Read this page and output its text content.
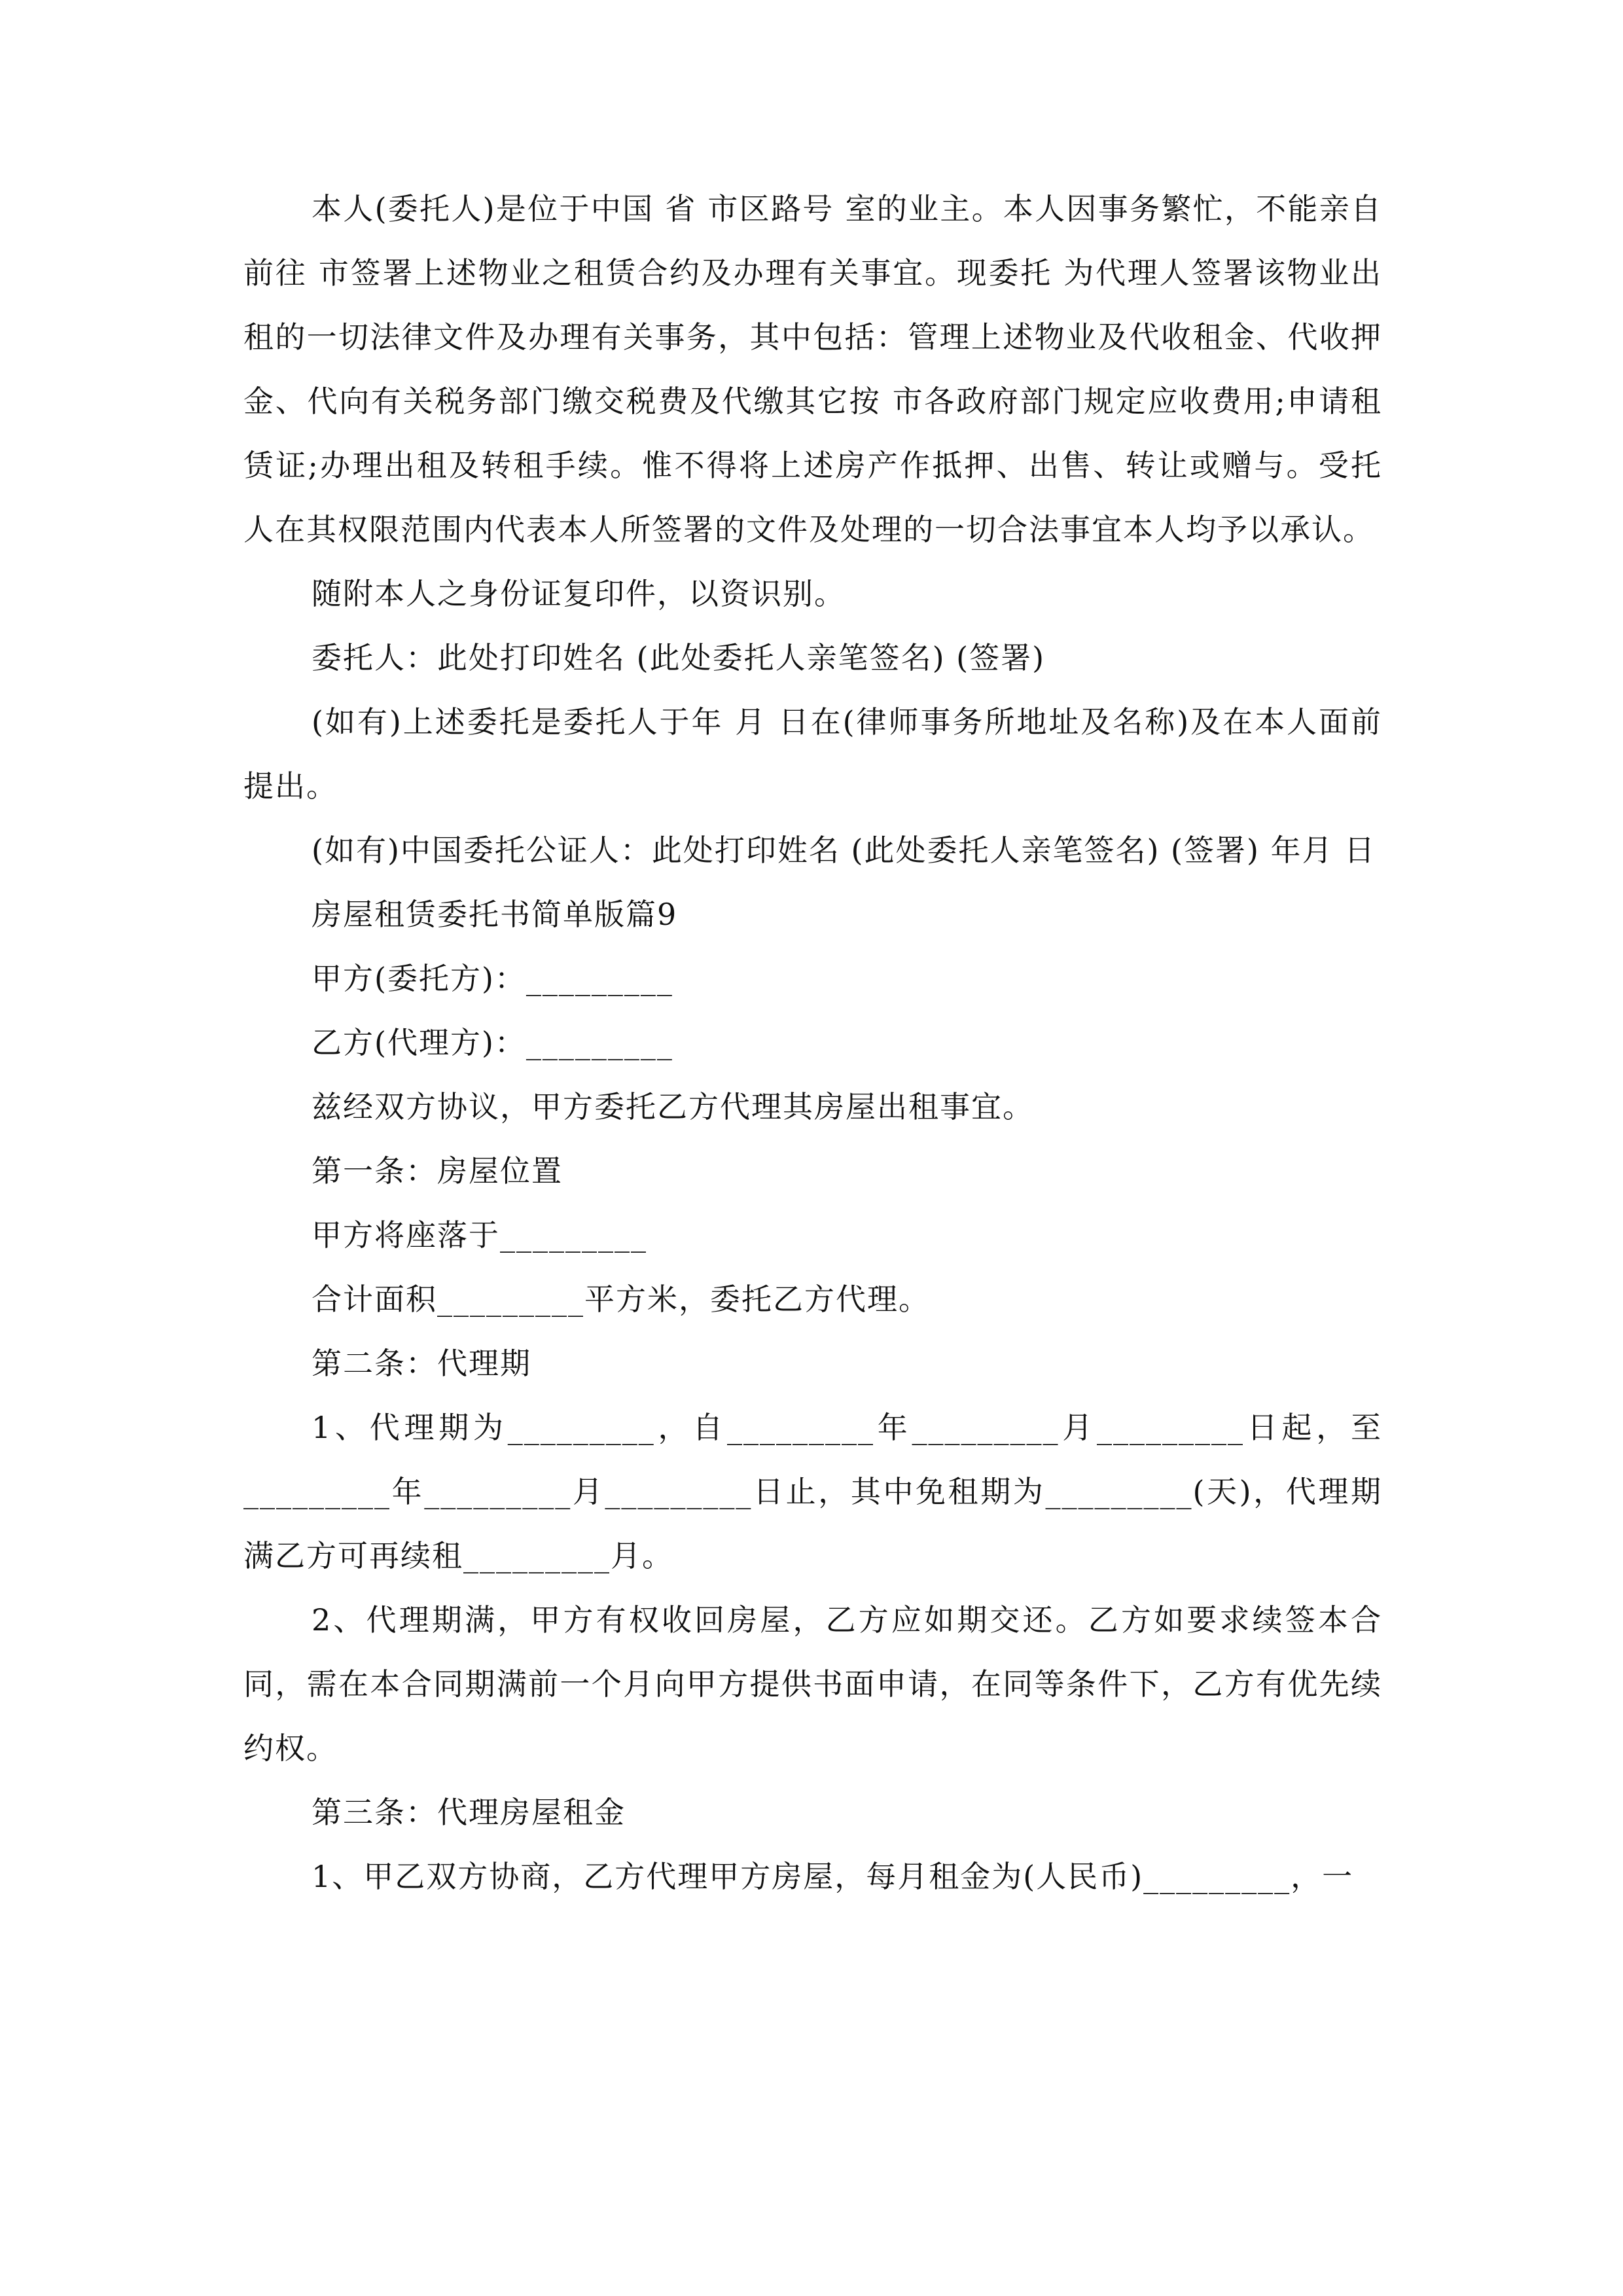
本人(委托人)是位于中国 省 市区路号 室的业主。本人因事务繁忙，不能亲自前往 市签署上述物业之租赁合约及办理有关事宜。现委托 为代理人签署该物业出租的一切法律文件及办理有关事务，其中包括：管理上述物业及代收租金、代收押金、代向有关税务部门缴交税费及代缴其它按 市各政府部门规定应收费用;申请租赁证;办理出租及转租手续。惟不得将上述房产作抵押、出售、转让或赠与。受托人在其权限范围内代表本人所签署的文件及处理的一切合法事宜本人均予以承认。

随附本人之身份证复印件，以资识别。

委托人：此处打印姓名 (此处委托人亲笔签名) (签署)

(如有)上述委托是委托人于年 月 日在(律师事务所地址及名称)及在本人面前提出。

(如有)中国委托公证人：此处打印姓名 (此处委托人亲笔签名) (签署) 年月 日

房屋租赁委托书简单版篇9

甲方(委托方)：_________

乙方(代理方)：_________

兹经双方协议，甲方委托乙方代理其房屋出租事宜。

第一条：房屋位置

甲方将座落于_________

合计面积_________平方米，委托乙方代理。

第二条：代理期

1、代理期为_________，自_________年_________月_________日起，至_________年_________月_________日止，其中免租期为_________(天)，代理期满乙方可再续租_________月。

2、代理期满，甲方有权收回房屋，乙方应如期交还。乙方如要求续签本合同，需在本合同期满前一个月向甲方提供书面申请，在同等条件下，乙方有优先续约权。

第三条：代理房屋租金

1、甲乙双方协商，乙方代理甲方房屋，每月租金为(人民币)_________，一
